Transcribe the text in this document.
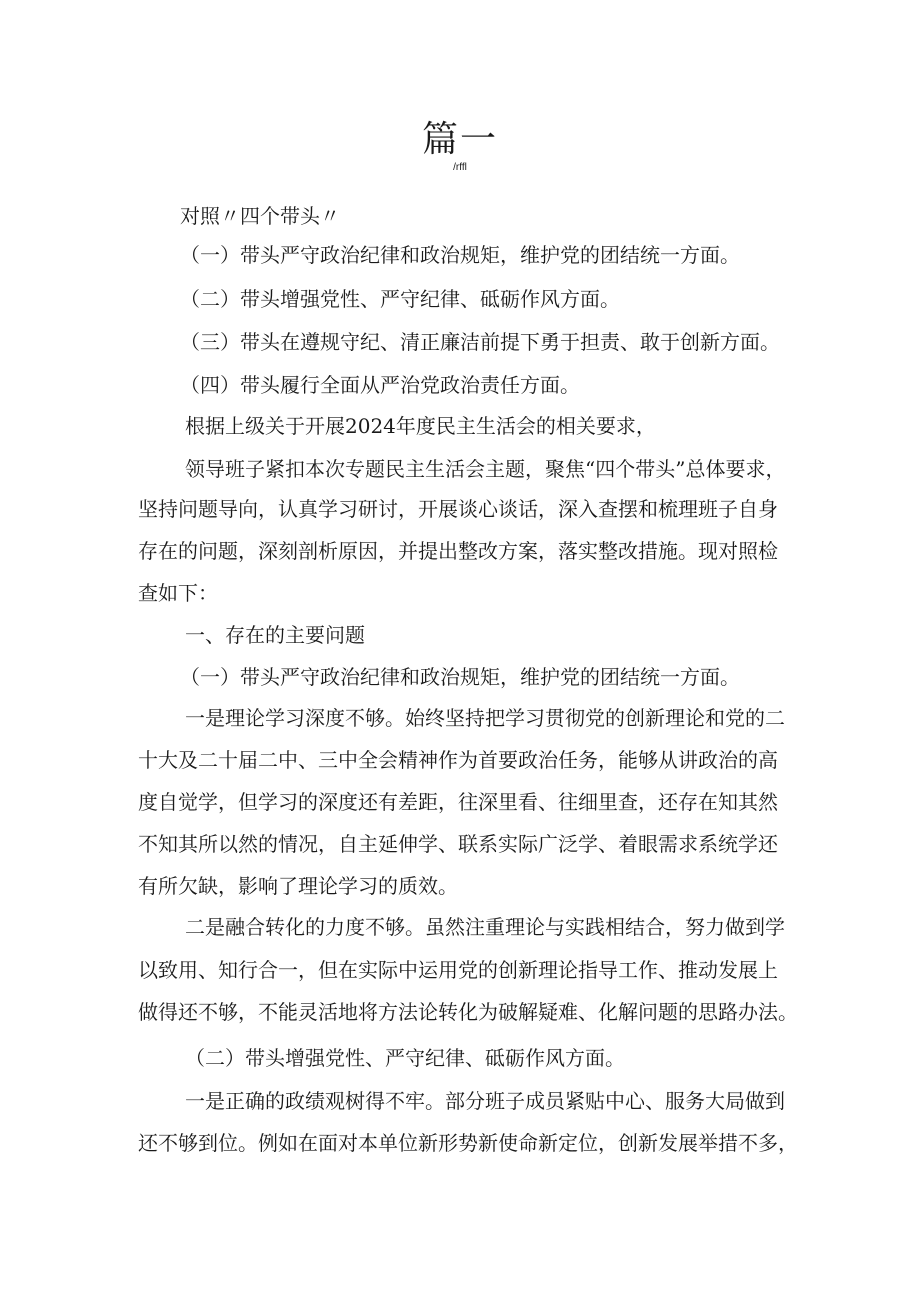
篇一
/rffl
对照〃四个带头〃
（一）带头严守政治纪律和政治规矩，维护党的团结统一方面。
（二）带头增强党性、严守纪律、砥砺作风方面。
（三）带头在遵规守纪、清正廉洁前提下勇于担责、敢于创新方面。
（四）带头履行全面从严治党政治责任方面。
根据上级关于开展2024年度民主生活会的相关要求，
领导班子紧扣本次专题民主生活会主题，聚焦“四个带头”总体要求，
坚持问题导向，认真学习研讨，开展谈心谈话，深入查摆和梳理班子自身
存在的问题，深刻剖析原因，并提出整改方案，落实整改措施。现对照检
查如下：
一、存在的主要问题
（一）带头严守政治纪律和政治规矩，维护党的团结统一方面。
一是理论学习深度不够。始终坚持把学习贯彻党的创新理论和党的二
十大及二十届二中、三中全会精神作为首要政治任务，能够从讲政治的高
度自觉学，但学习的深度还有差距，往深里看、往细里查，还存在知其然
不知其所以然的情况，自主延伸学、联系实际广泛学、着眼需求系统学还
有所欠缺，影响了理论学习的质效。
二是融合转化的力度不够。虽然注重理论与实践相结合，努力做到学
以致用、知行合一，但在实际中运用党的创新理论指导工作、推动发展上
做得还不够，不能灵活地将方法论转化为破解疑难、化解问题的思路办法。
（二）带头增强党性、严守纪律、砥砺作风方面。
一是正确的政绩观树得不牢。部分班子成员紧贴中心、服务大局做到
还不够到位。例如在面对本单位新形势新使命新定位，创新发展举措不多，
